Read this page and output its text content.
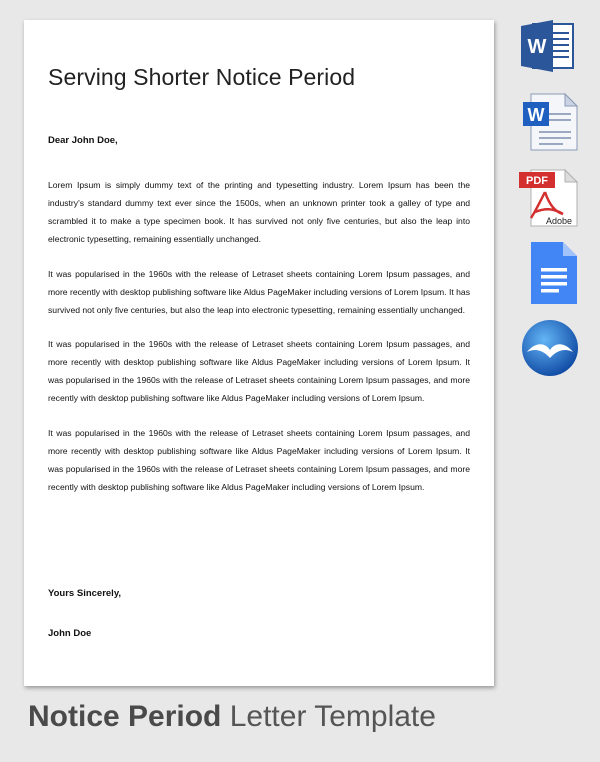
Serving Shorter Notice Period

Dear John Doe,

Lorem Ipsum is simply dummy text of the printing and typesetting industry. Lorem Ipsum has been the industry's standard dummy text ever since the 1500s, when an unknown printer took a galley of type and scrambled it to make a type specimen book. It has survived not only five centuries, but also the leap into electronic typesetting, remaining essentially unchanged.

It was popularised in the 1960s with the release of Letraset sheets containing Lorem Ipsum passages, and more recently with desktop publishing software like Aldus PageMaker including versions of Lorem Ipsum. It has survived not only five centuries, but also the leap into electronic typesetting, remaining essentially unchanged.

It was popularised in the 1960s with the release of Letraset sheets containing Lorem Ipsum passages, and more recently with desktop publishing software like Aldus PageMaker including versions of Lorem Ipsum. It was popularised in the 1960s with the release of Letraset sheets containing Lorem Ipsum passages, and more recently with desktop publishing software like Aldus PageMaker including versions of Lorem Ipsum.

It was popularised in the 1960s with the release of Letraset sheets containing Lorem Ipsum passages, and more recently with desktop publishing software like Aldus PageMaker including versions of Lorem Ipsum. It was popularised in the 1960s with the release of Letraset sheets containing Lorem Ipsum passages, and more recently with desktop publishing software like Aldus PageMaker including versions of Lorem Ipsum.

Yours Sincerely,

John Doe

W
W
PDF
Adobe

Notice Period Letter Template
